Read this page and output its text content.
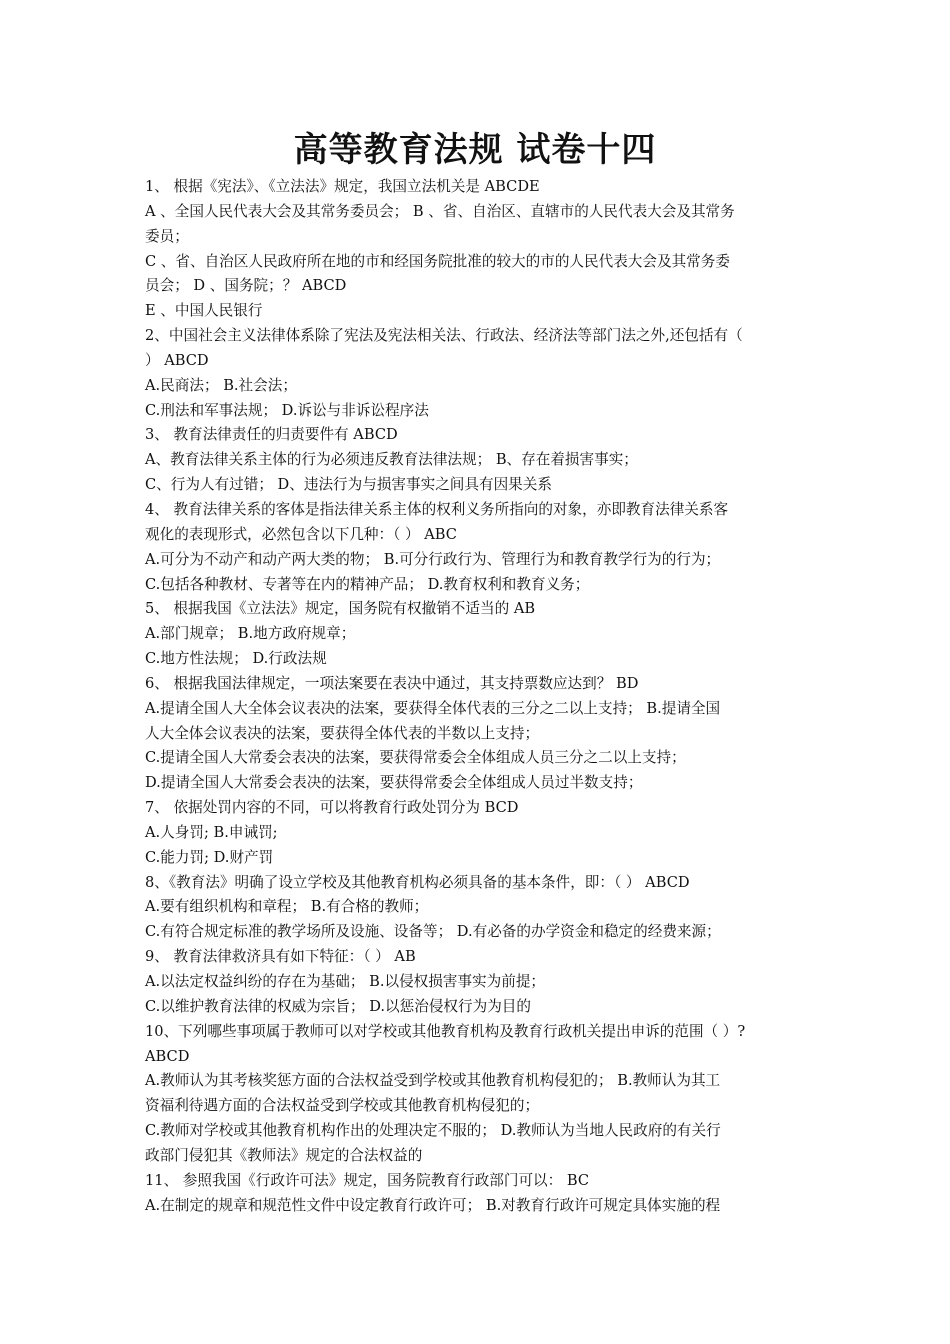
高等教育法规 试卷十四
1、 根据《宪法》、《立法法》规定，我国立法机关是 ABCDE
A 、全国人民代表大会及其常务委员会； B 、省、自治区、直辖市的人民代表大会及其常务
委员；
C 、省、自治区人民政府所在地的市和经国务院批准的较大的市的人民代表大会及其常务委
员会； D 、国务院；？ ABCD
E 、中国人民银行
2、中国社会主义法律体系除了宪法及宪法相关法、行政法、经济法等部门法之外,还包括有（
） ABCD
A.民商法； B.社会法；
C.刑法和军事法规； D.诉讼与非诉讼程序法
3、 教育法律责任的归责要件有 ABCD
A、教育法律关系主体的行为必须违反教育法律法规； B、存在着损害事实；
C、行为人有过错； D、违法行为与损害事实之间具有因果关系
4、 教育法律关系的客体是指法律关系主体的权利义务所指向的对象，亦即教育法律关系客
观化的表现形式，必然包含以下几种：（ ） ABC
A.可分为不动产和动产两大类的物； B.可分行政行为、管理行为和教育教学行为的行为；
C.包括各种教材、专著等在内的精神产品； D.教育权利和教育义务；
5、 根据我国《立法法》规定，国务院有权撤销不适当的 AB
A.部门规章； B.地方政府规章；
C.地方性法规； D.行政法规
6、 根据我国法律规定，一项法案要在表决中通过，其支持票数应达到？ BD
A.提请全国人大全体会议表决的法案，要获得全体代表的三分之二以上支持； B.提请全国
人大全体会议表决的法案，要获得全体代表的半数以上支持；
C.提请全国人大常委会表决的法案，要获得常委会全体组成人员三分之二以上支持；
D.提请全国人大常委会表决的法案，要获得常委会全体组成人员过半数支持；
7、 依据处罚内容的不同，可以将教育行政处罚分为 BCD
A.人身罚; B.申诫罚;
C.能力罚; D.财产罚
8、《教育法》明确了设立学校及其他教育机构必须具备的基本条件，即：（ ） ABCD
A.要有组织机构和章程； B.有合格的教师；
C.有符合规定标准的教学场所及设施、设备等； D.有必备的办学资金和稳定的经费来源；
9、 教育法律救济具有如下特征：（ ） AB
A.以法定权益纠纷的存在为基础； B.以侵权损害事实为前提；
C.以维护教育法律的权威为宗旨； D.以惩治侵权行为为目的
10、下列哪些事项属于教师可以对学校或其他教育机构及教育行政机关提出申诉的范围（ ）?
ABCD
A.教师认为其考核奖惩方面的合法权益受到学校或其他教育机构侵犯的； B.教师认为其工
资福利待遇方面的合法权益受到学校或其他教育机构侵犯的；
C.教师对学校或其他教育机构作出的处理决定不服的； D.教师认为当地人民政府的有关行
政部门侵犯其《教师法》规定的合法权益的
11、 参照我国《行政许可法》规定，国务院教育行政部门可以： BC
A.在制定的规章和规范性文件中设定教育行政许可； B.对教育行政许可规定具体实施的程
